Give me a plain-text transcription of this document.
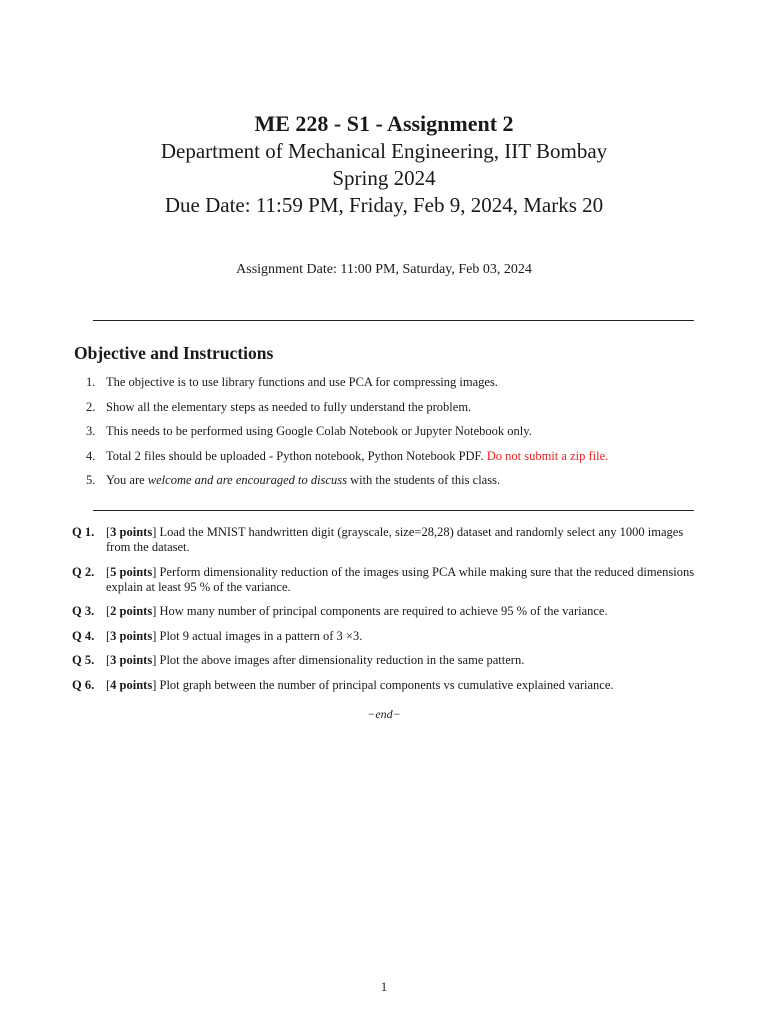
ME 228 - S1 - Assignment 2
Department of Mechanical Engineering, IIT Bombay
Spring 2024
Due Date: 11:59 PM, Friday, Feb 9, 2024, Marks 20
Assignment Date: 11:00 PM, Saturday, Feb 03, 2024
Objective and Instructions
1. The objective is to use library functions and use PCA for compressing images.
2. Show all the elementary steps as needed to fully understand the problem.
3. This needs to be performed using Google Colab Notebook or Jupyter Notebook only.
4. Total 2 files should be uploaded - Python notebook, Python Notebook PDF. Do not submit a zip file.
5. You are welcome and are encouraged to discuss with the students of this class.
Q 1. [3 points] Load the MNIST handwritten digit (grayscale, size=28,28) dataset and randomly select any 1000 images from the dataset.
Q 2. [5 points] Perform dimensionality reduction of the images using PCA while making sure that the reduced dimensions explain at least 95 % of the variance.
Q 3. [2 points] How many number of principal components are required to achieve 95 % of the variance.
Q 4. [3 points] Plot 9 actual images in a pattern of 3 ×3.
Q 5. [3 points] Plot the above images after dimensionality reduction in the same pattern.
Q 6. [4 points] Plot graph between the number of principal components vs cumulative explained variance.
−end−
1
